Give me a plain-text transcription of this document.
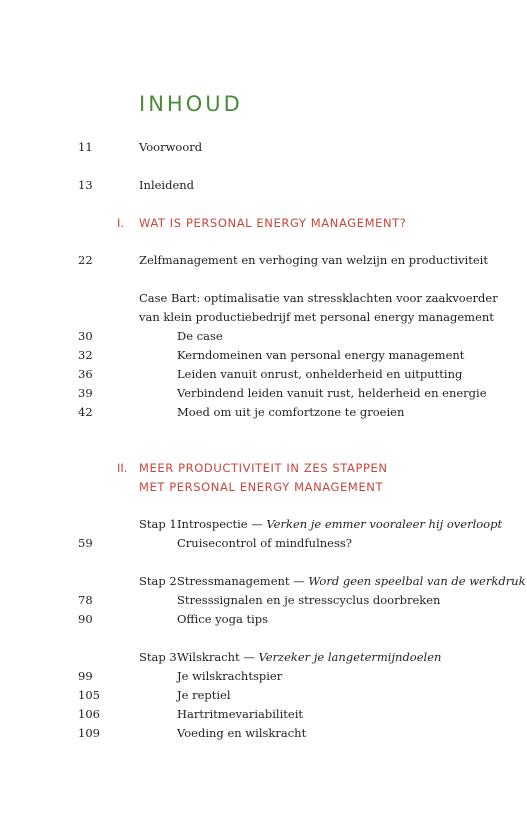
INHOUD
11	Voorwoord
13	Inleidend
I. WAT IS PERSONAL ENERGY MANAGEMENT?
22	Zelfmanagement en verhoging van welzijn en productiviteit
Case Bart: optimalisatie van stressklachten voor zaakvoerder
van klein productiebedrijf met personal energy management
30	De case
32	Kerndomeinen van personal energy management
36	Leiden vanuit onrust, onhelderheid en uitputting
39	Verbindend leiden vanuit rust, helderheid en energie
42	Moed om uit je comfortzone te groeien
II. MEER PRODUCTIVITEIT IN ZES STAPPEN
MET PERSONAL ENERGY MANAGEMENT
Stap 1 Introspectie — Verken je emmer vooraleer hij overloopt
59	Cruisecontrol of mindfulness?
Stap 2 Stressmanagement — Word geen speelbal van de werkdruk
78	Stresssignalen en je stresscyclus doorbreken
90	Office yoga tips
Stap 3 Wilskracht — Verzeker je langetermijndoelen
99	Je wilskrachtspier
105	Je reptiel
106	Hartritmevariabiliteit
109	Voeding en wilskracht
